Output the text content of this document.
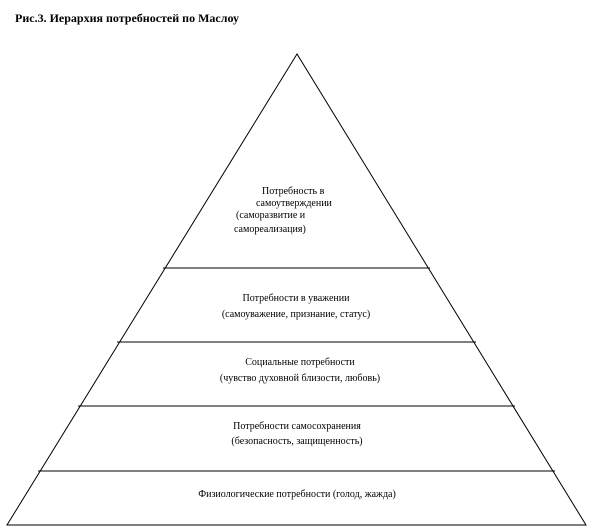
Рис.3. Иерархия потребностей по Маслоу
Потребность в
самоутверждении
(саморазвитие и
самореализация)
Потребности в уважении
(самоуважение, признание, статус)
Социальные потребности
(чувство духовной близости, любовь)
Потребности самосохранения
(безопасность, защищенность)
Физиологические потребности (голод, жажда)
